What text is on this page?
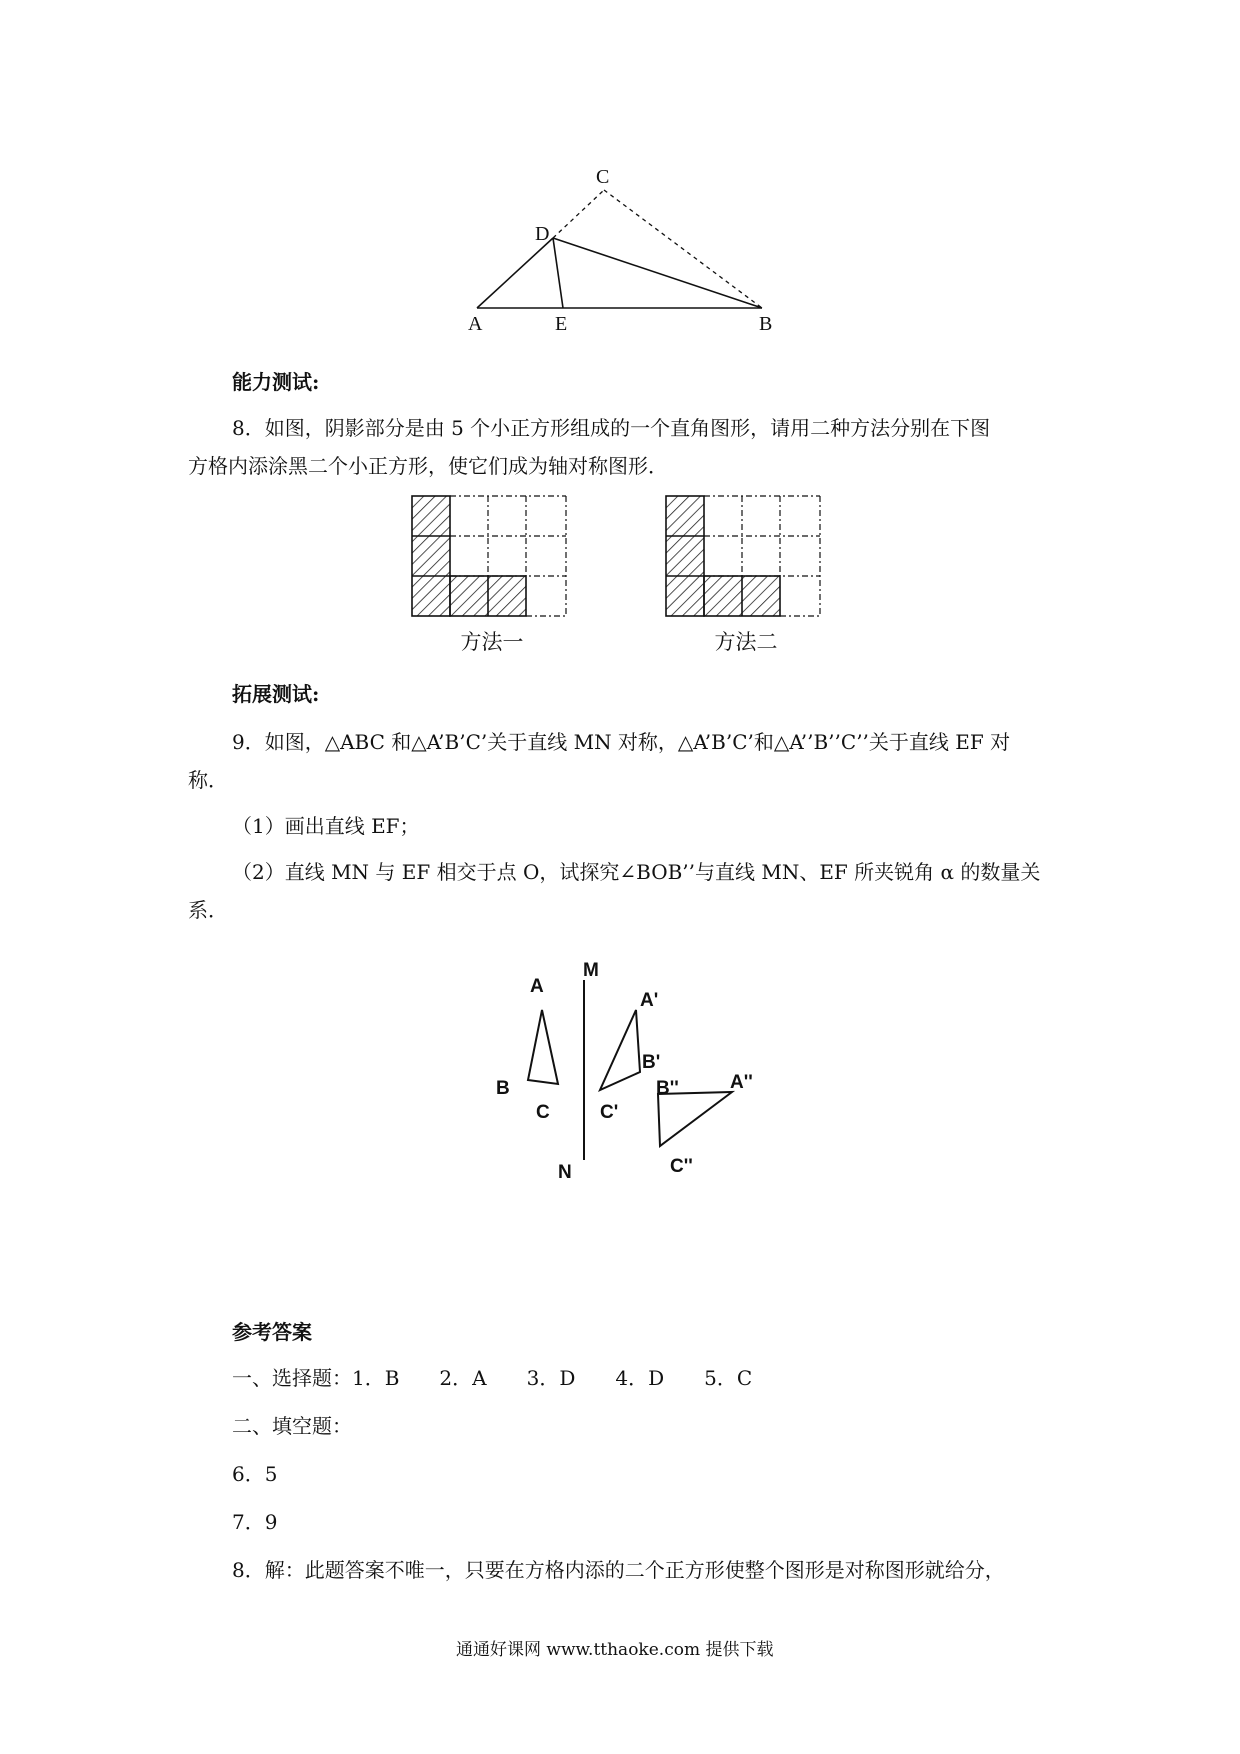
C
D
A	E	B
能力测试:
8．如图，阴影部分是由 5 个小正方形组成的一个直角图形，请用二种方法分别在下图
方格内添涂黑二个小正方形，使它们成为轴对称图形．
方法一	方法二
拓展测试:
9．如图，△ABC 和△A’B’C’关于直线 MN 对称，△A’B’C’和△A’’B’’C’’关于直线 EF 对
称．
（1）画出直线 EF；
（2）直线 MN 与 EF 相交于点 O，试探究∠BOB’’与直线 MN、EF 所夹锐角 α 的数量关
系．
M
N
A
B
C
A'
B'
C'
A''
B''
C''
参考答案
一、选择题：1．B　　2．A　　3．D　　4．D　　5．C
二、填空题：
6．5
7．9
8．解：此题答案不唯一，只要在方格内添的二个正方形使整个图形是对称图形就给分，
通通好课网 www.tthaoke.com 提供下载
